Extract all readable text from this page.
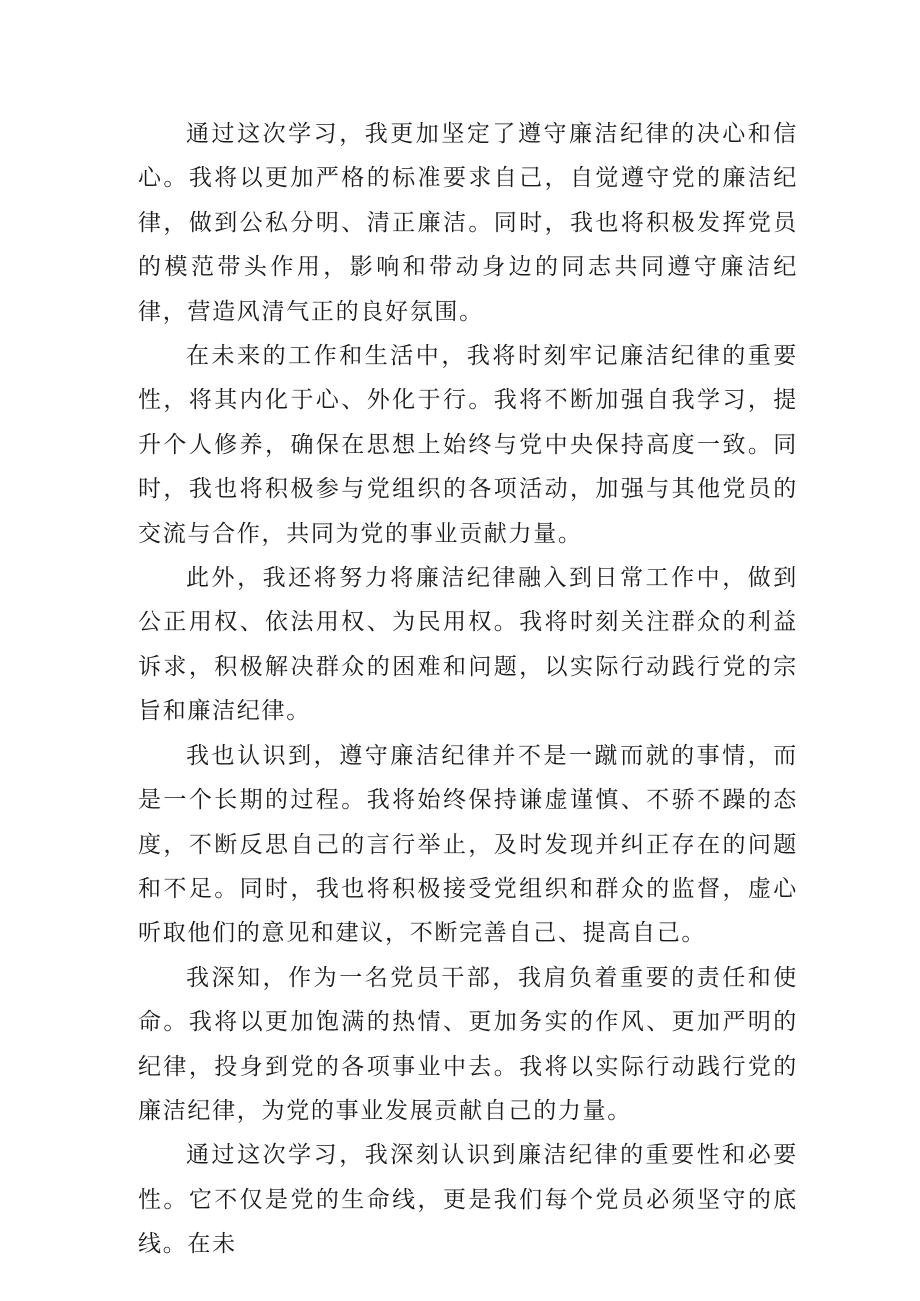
通过这次学习，我更加坚定了遵守廉洁纪律的决心和信心。我将以更加严格的标准要求自己，自觉遵守党的廉洁纪律，做到公私分明、清正廉洁。同时，我也将积极发挥党员的模范带头作用，影响和带动身边的同志共同遵守廉洁纪律，营造风清气正的良好氛围。

在未来的工作和生活中，我将时刻牢记廉洁纪律的重要性，将其内化于心、外化于行。我将不断加强自我学习，提升个人修养，确保在思想上始终与党中央保持高度一致。同时，我也将积极参与党组织的各项活动，加强与其他党员的交流与合作，共同为党的事业贡献力量。

此外，我还将努力将廉洁纪律融入到日常工作中，做到公正用权、依法用权、为民用权。我将时刻关注群众的利益诉求，积极解决群众的困难和问题，以实际行动践行党的宗旨和廉洁纪律。

我也认识到，遵守廉洁纪律并不是一蹴而就的事情，而是一个长期的过程。我将始终保持谦虚谨慎、不骄不躁的态度，不断反思自己的言行举止，及时发现并纠正存在的问题和不足。同时，我也将积极接受党组织和群众的监督，虚心听取他们的意见和建议，不断完善自己、提高自己。

我深知，作为一名党员干部，我肩负着重要的责任和使命。我将以更加饱满的热情、更加务实的作风、更加严明的纪律，投身到党的各项事业中去。我将以实际行动践行党的廉洁纪律，为党的事业发展贡献自己的力量。

通过这次学习，我深刻认识到廉洁纪律的重要性和必要性。它不仅是党的生命线，更是我们每个党员必须坚守的底线。在未
